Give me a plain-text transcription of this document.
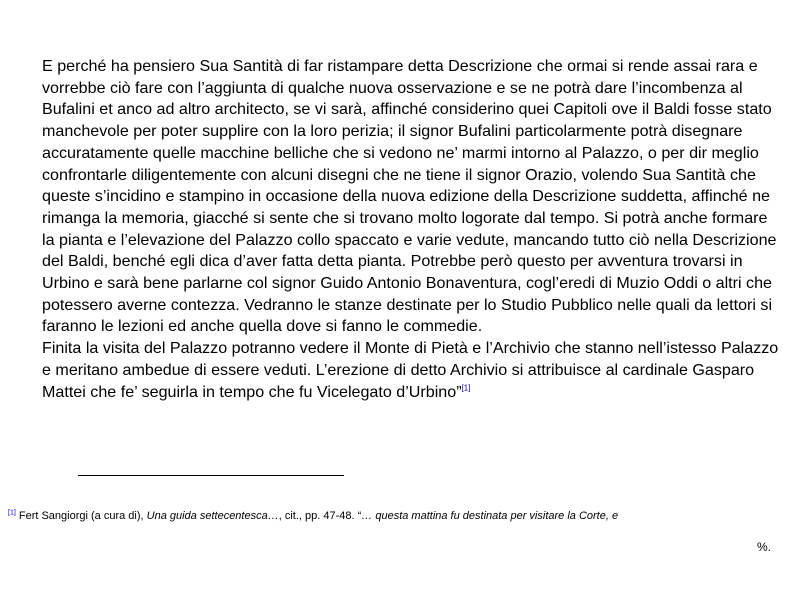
E perché ha pensiero Sua Santità di far ristampare detta Descrizione che ormai si rende assai rara e vorrebbe ciò fare con l’aggiunta di qualche nuova osservazione e se ne potrà dare l’incombenza al Bufalini et anco ad altro architecto, se vi sarà, affinché considerino quei Capitoli ove il Baldi fosse stato manchevole per poter supplire con la loro perizia; il signor Bufalini particolarmente potrà disegnare accuratamente quelle macchine belliche che si vedono ne’ marmi intorno al Palazzo, o per dir meglio confrontarle diligentemente con alcuni disegni che ne tiene il signor Orazio, volendo Sua Santità che queste s’incidino e stampino in occasione della nuova edizione della Descrizione suddetta, affinché ne rimanga la memoria, giacché si sente che si trovano molto logorate dal tempo. Si potrà anche formare la pianta e l’elevazione del Palazzo collo spaccato e varie vedute, mancando tutto ciò nella Descrizione del Baldi, benché egli dica d’aver fatta detta pianta. Potrebbe però questo per avventura trovarsi in Urbino e sarà bene parlarne col signor Guido Antonio Bonaventura, cogl’eredi di Muzio Oddi o altri che potessero averne contezza. Vedranno le stanze destinate per lo Studio Pubblico nelle quali da lettori si faranno le lezioni ed anche quella dove si fanno le commedie.

Finita la visita del Palazzo potranno vedere il Monte di Pietà e l’Archivio che stanno nell’istesso Palazzo e meritano ambedue di essere veduti. L’erezione di detto Archivio si attribuisce al cardinale Gasparo Mattei che fe’ seguirla in tempo che fu Vicelegato d’Urbino”[1]

[1] Fert Sangiorgi (a cura di), Una guida settecentesca…, cit., pp. 47-48. “… questa mattina fu destinata per visitare la Corte, e
%.
